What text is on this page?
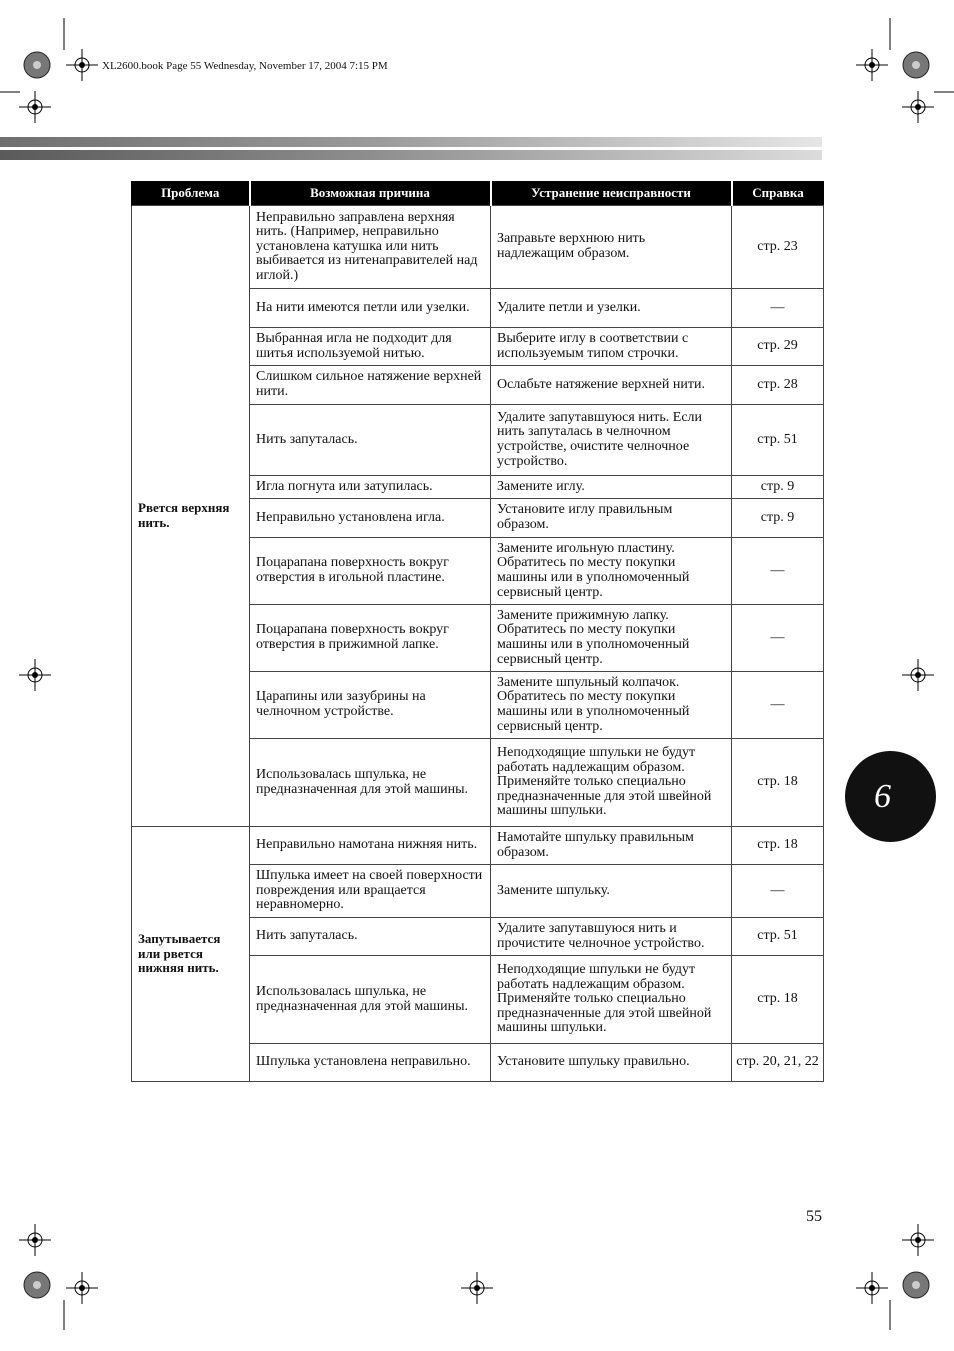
XL2600.book Page 55 Wednesday, November 17, 2004 7:15 PM
Проблема	Возможная причина	Устранение неисправности	Справка
Рвется верхняя нить.	Неправильно заправлена верхняя нить. (Например, неправильно установлена катушка или нить выбивается из нитенаправителей над иглой.)	Заправьте верхнюю нить надлежащим образом.	стр. 23
	На нити имеются петли или узелки.	Удалите петли и узелки.	—
	Выбранная игла не подходит для шитья используемой нитью.	Выберите иглу в соответствии с используемым типом строчки.	стр. 29
	Слишком сильное натяжение верхней нити.	Ослабьте натяжение верхней нити.	стр. 28
	Нить запуталась.	Удалите запутавшуюся нить. Если нить запуталась в челночном устройстве, очистите челночное устройство.	стр. 51
	Игла погнута или затупилась.	Замените иглу.	стр. 9
	Неправильно установлена игла.	Установите иглу правильным образом.	стр. 9
	Поцарапана поверхность вокруг отверстия в игольной пластине.	Замените игольную пластину. Обратитесь по месту покупки машины или в уполномоченный сервисный центр.	—
	Поцарапана поверхность вокруг отверстия в прижимной лапке.	Замените прижимную лапку. Обратитесь по месту покупки машины или в уполномоченный сервисный центр.	—
	Царапины или зазубрины на челночном устройстве.	Замените шпульный колпачок. Обратитесь по месту покупки машины или в уполномоченный сервисный центр.	—
	Использовалась шпулька, не предназначенная для этой машины.	Неподходящие шпульки не будут работать надлежащим образом. Применяйте только специально предназначенные для этой швейной машины шпульки.	стр. 18
Запутывается или рвется нижняя нить.	Неправильно намотана нижняя нить.	Намотайте шпульку правильным образом.	стр. 18
	Шпулька имеет на своей поверхности повреждения или вращается неравномерно.	Замените шпульку.	—
	Нить запуталась.	Удалите запутавшуюся нить и прочистите челночное устройство.	стр. 51
	Использовалась шпулька, не предназначенная для этой машины.	Неподходящие шпульки не будут работать надлежащим образом. Применяйте только специально предназначенные для этой швейной машины шпульки.	стр. 18
	Шпулька установлена неправильно.	Установите шпульку правильно.	стр. 20, 21, 22
6
55
